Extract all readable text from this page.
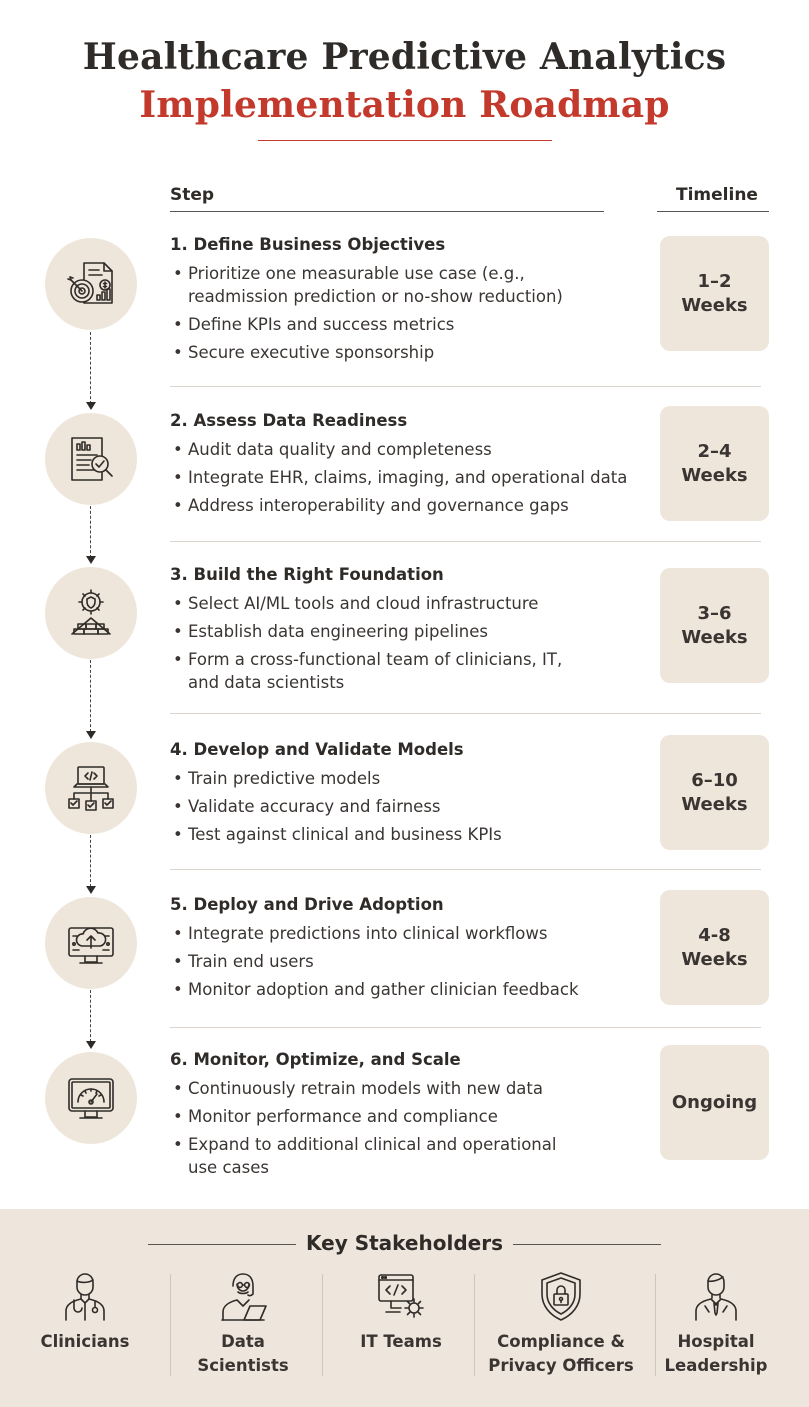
Healthcare Predictive Analytics
Implementation Roadmap
Step	Timeline
1. Define Business Objectives
• Prioritize one measurable use case (e.g., readmission prediction or no-show reduction)
• Define KPIs and success metrics
• Secure executive sponsorship
1–2 Weeks
2. Assess Data Readiness
• Audit data quality and completeness
• Integrate EHR, claims, imaging, and operational data
• Address interoperability and governance gaps
2–4 Weeks
3. Build the Right Foundation
• Select AI/ML tools and cloud infrastructure
• Establish data engineering pipelines
• Form a cross-functional team of clinicians, IT, and data scientists
3–6 Weeks
4. Develop and Validate Models
• Train predictive models
• Validate accuracy and fairness
• Test against clinical and business KPIs
6–10 Weeks
5. Deploy and Drive Adoption
• Integrate predictions into clinical workflows
• Train end users
• Monitor adoption and gather clinician feedback
4-8 Weeks
6. Monitor, Optimize, and Scale
• Continuously retrain models with new data
• Monitor performance and compliance
• Expand to additional clinical and operational use cases
Ongoing
Key Stakeholders
Clinicians	Data Scientists
IT Teams	Compliance & Privacy Officers
Hospital Leadership
